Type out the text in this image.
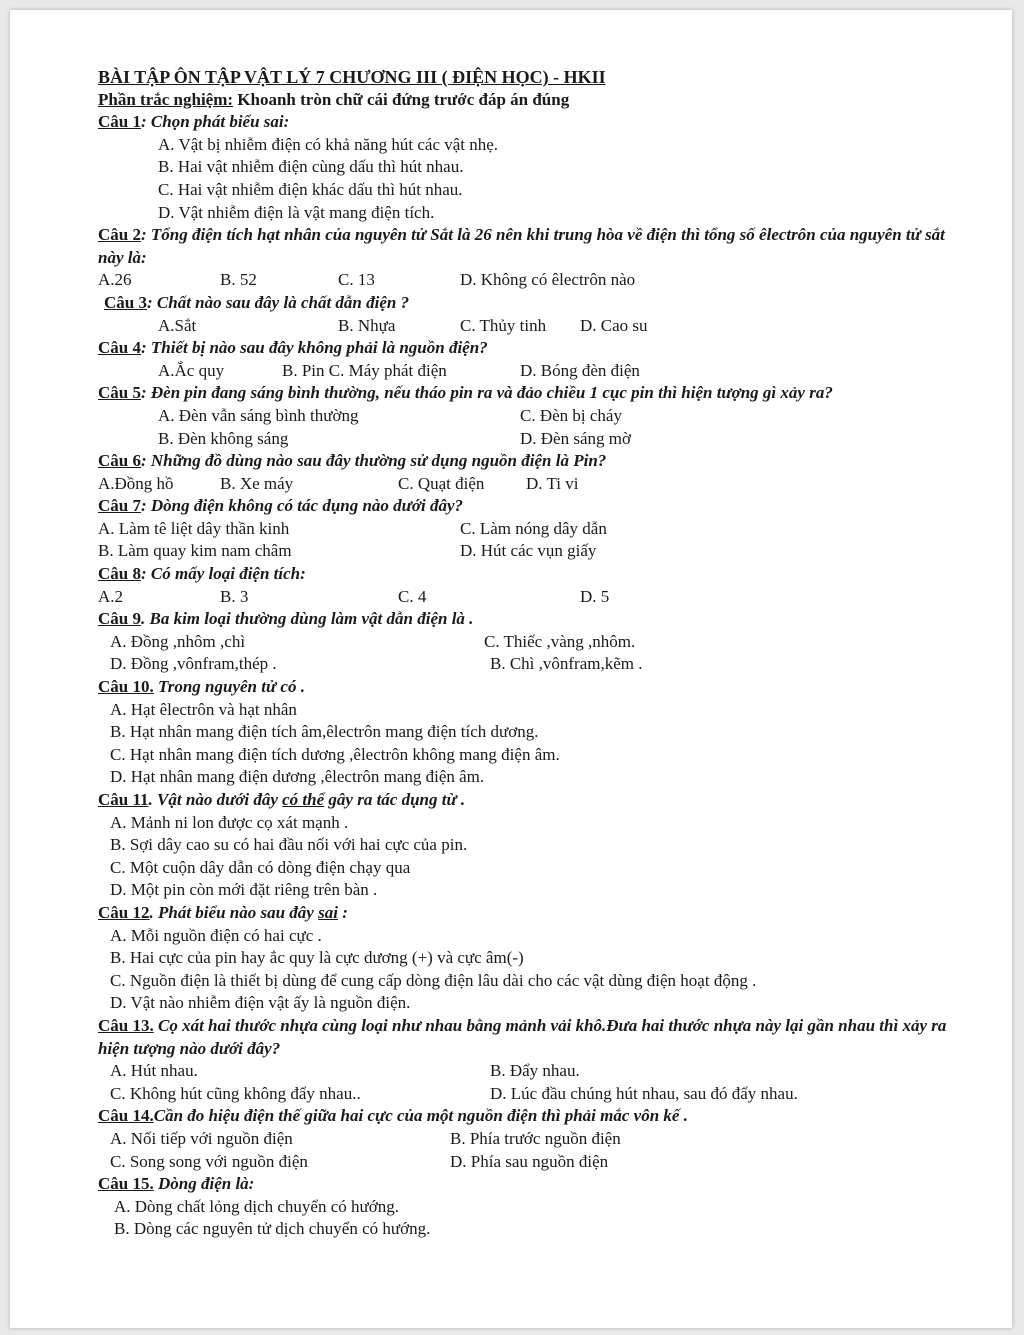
BÀI TẬP ÔN TẬP VẬT LÝ 7 CHƯƠNG III ( ĐIỆN HỌC) - HKII
Phần trắc nghiệm: Khoanh tròn chữ cái đứng trước đáp án đúng
Câu 1: Chọn phát biểu sai:
A. Vật bị nhiễm điện có khả năng hút các vật nhẹ.
B. Hai vật nhiễm điện cùng dấu thì hút nhau.
C. Hai vật nhiễm điện khác dấu thì hút nhau.
D. Vật nhiễm điện là vật mang điện tích.
Câu 2: Tổng điện tích hạt nhân của nguyên tử Sắt là 26 nên khi trung hòa về điện thì tổng số êlectrôn của nguyên tử sắt này là:
A.26	B. 52	C. 13	D. Không có êlectrôn nào
Câu 3: Chất nào sau đây là chất dẫn điện ?
A.Sắt	B. Nhựa	C. Thủy tinh D. Cao su
Câu 4: Thiết bị nào sau đây không phải là nguồn điện?
A.Ắc quy	B. Pin C. Máy phát điện	D. Bóng đèn điện
Câu 5: Đèn pin đang sáng bình thường, nếu tháo pin ra và đảo chiều 1 cục pin thì hiện tượng gì xảy ra?
A. Đèn vẫn sáng bình thường	C. Đèn bị cháy
B. Đèn không sáng	D. Đèn sáng mờ
Câu 6: Những đồ dùng nào sau đây thường sử dụng nguồn điện là Pin?
A.Đồng hồ	B. Xe máy	C. Quạt điện D. Ti vi
Câu 7: Dòng điện không có tác dụng nào dưới đây?
A. Làm tê liệt dây thần kinh	C. Làm nóng dây dẫn
B. Làm quay kim nam châm	D. Hút các vụn giấy
Câu 8: Có mấy loại điện tích:
A.2	B. 3	C. 4	D. 5
Câu 9. Ba kim loại thường dùng làm vật dẫn điện là .
A. Đồng ,nhôm ,chì	C. Thiếc ,vàng ,nhôm.
D. Đồng ,vônfram,thép .	B. Chì ,vônfram,kẽm .
Câu 10. Trong nguyên tử có .
A. Hạt êlectrôn và hạt nhân
B. Hạt nhân mang điện tích âm,êlectrôn mang điện tích dương.
C. Hạt nhân mang điện tích dương ,êlectrôn không mang điện âm.
D. Hạt nhân mang điện dương ,êlectrôn mang điện âm.
Câu 11. Vật nào dưới đây có thể gây ra tác dụng từ .
A. Mảnh ni lon được cọ xát mạnh .
B. Sợi dây cao su có hai đầu nối với hai cực của pin.
C. Một cuộn dây dẫn có dòng điện chạy qua
D. Một pin còn mới đặt riêng trên bàn .
Câu 12. Phát biểu nào sau đây sai :
A. Mỗi nguồn điện có hai cực .
B. Hai cực của pin hay ắc quy là cực dương (+) và cực âm(-)
C. Nguồn điện là thiết bị dùng để cung cấp dòng điện lâu dài cho các vật dùng điện hoạt động .
D. Vật nào nhiễm điện vật ấy là nguồn điện.
Câu 13. Cọ xát hai thước nhựa cùng loại như nhau bằng mảnh vải khô.Đưa hai thước nhựa này lại gần nhau thì xảy ra hiện tượng nào dưới đây?
A. Hút nhau.	B. Đẩy nhau.
C. Không hút cũng không đẩy nhau..	D. Lúc đầu chúng hút nhau, sau đó đẩy nhau.
Câu 14.Cần đo hiệu điện thế giữa hai cực của một nguồn điện thì phải mắc vôn kế .
A. Nối tiếp với nguồn điện	B. Phía trước nguồn điện
C. Song song với nguồn điện	D. Phía sau nguồn điện
Câu 15. Dòng điện là:
A. Dòng chất lỏng dịch chuyển có hướng.
B. Dòng các nguyên tử dịch chuyển có hướng.
